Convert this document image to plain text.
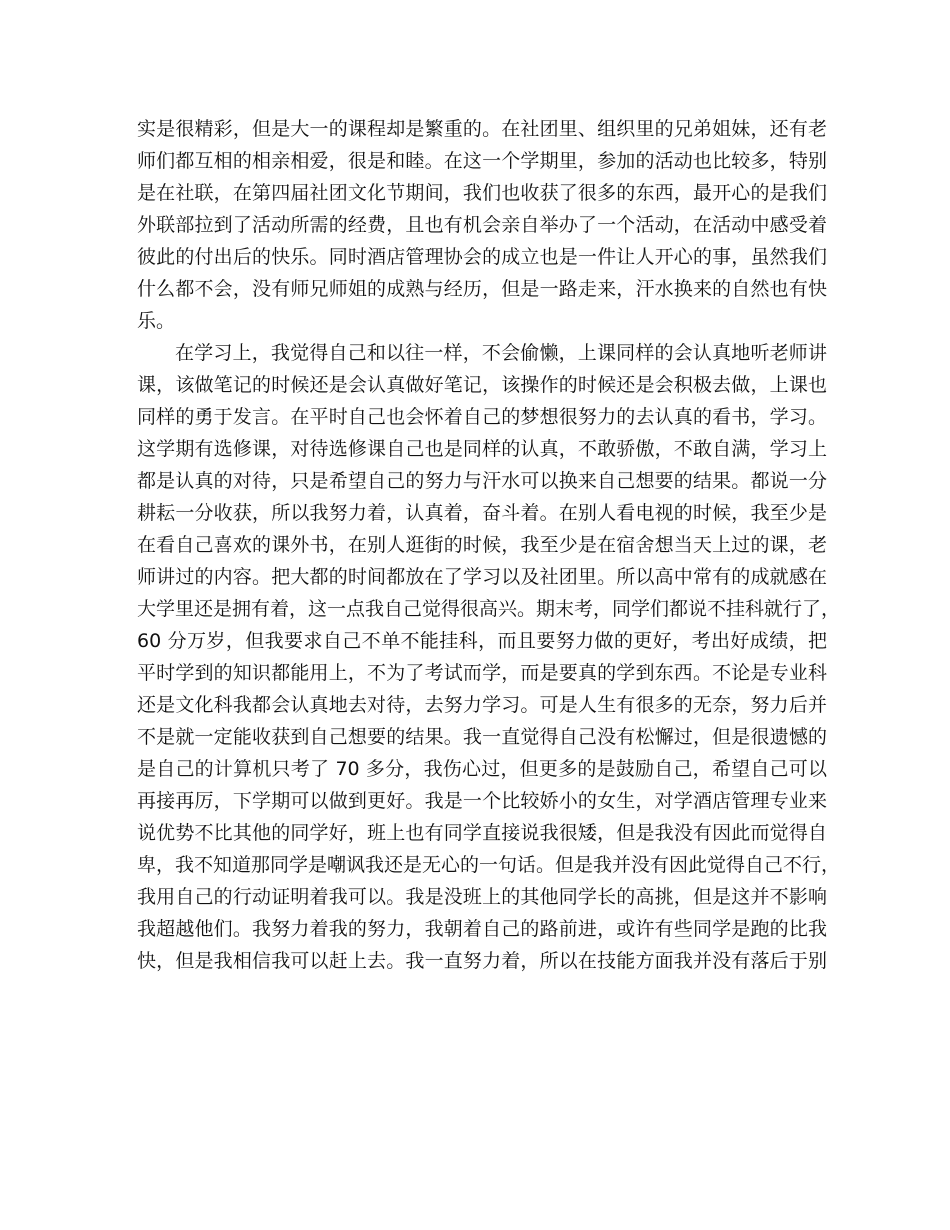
实是很精彩，但是大一的课程却是繁重的。在社团里、组织里的兄弟姐妹，还有老
师们都互相的相亲相爱，很是和睦。在这一个学期里，参加的活动也比较多，特别
是在社联，在第四届社团文化节期间，我们也收获了很多的东西，最开心的是我们
外联部拉到了活动所需的经费，且也有机会亲自举办了一个活动，在活动中感受着
彼此的付出后的快乐。同时酒店管理协会的成立也是一件让人开心的事，虽然我们
什么都不会，没有师兄师姐的成熟与经历，但是一路走来，汗水换来的自然也有快
乐。
在学习上，我觉得自己和以往一样，不会偷懒，上课同样的会认真地听老师讲
课，该做笔记的时候还是会认真做好笔记，该操作的时候还是会积极去做，上课也
同样的勇于发言。在平时自己也会怀着自己的梦想很努力的去认真的看书，学习。
这学期有选修课，对待选修课自己也是同样的认真，不敢骄傲，不敢自满，学习上
都是认真的对待，只是希望自己的努力与汗水可以换来自己想要的结果。都说一分
耕耘一分收获，所以我努力着，认真着，奋斗着。在别人看电视的时候，我至少是
在看自己喜欢的课外书，在别人逛街的时候，我至少是在宿舍想当天上过的课，老
师讲过的内容。把大都的时间都放在了学习以及社团里。所以高中常有的成就感在
大学里还是拥有着，这一点我自己觉得很高兴。期末考，同学们都说不挂科就行了，
60 分万岁，但我要求自己不单不能挂科，而且要努力做的更好，考出好成绩，把
平时学到的知识都能用上，不为了考试而学，而是要真的学到东西。不论是专业科
还是文化科我都会认真地去对待，去努力学习。可是人生有很多的无奈，努力后并
不是就一定能收获到自己想要的结果。我一直觉得自己没有松懈过，但是很遗憾的
是自己的计算机只考了 70 多分，我伤心过，但更多的是鼓励自己，希望自己可以
再接再厉，下学期可以做到更好。我是一个比较娇小的女生，对学酒店管理专业来
说优势不比其他的同学好，班上也有同学直接说我很矮，但是我没有因此而觉得自
卑，我不知道那同学是嘲讽我还是无心的一句话。但是我并没有因此觉得自己不行，
我用自己的行动证明着我可以。我是没班上的其他同学长的高挑，但是这并不影响
我超越他们。我努力着我的努力，我朝着自己的路前进，或许有些同学是跑的比我
快，但是我相信我可以赶上去。我一直努力着，所以在技能方面我并没有落后于别
